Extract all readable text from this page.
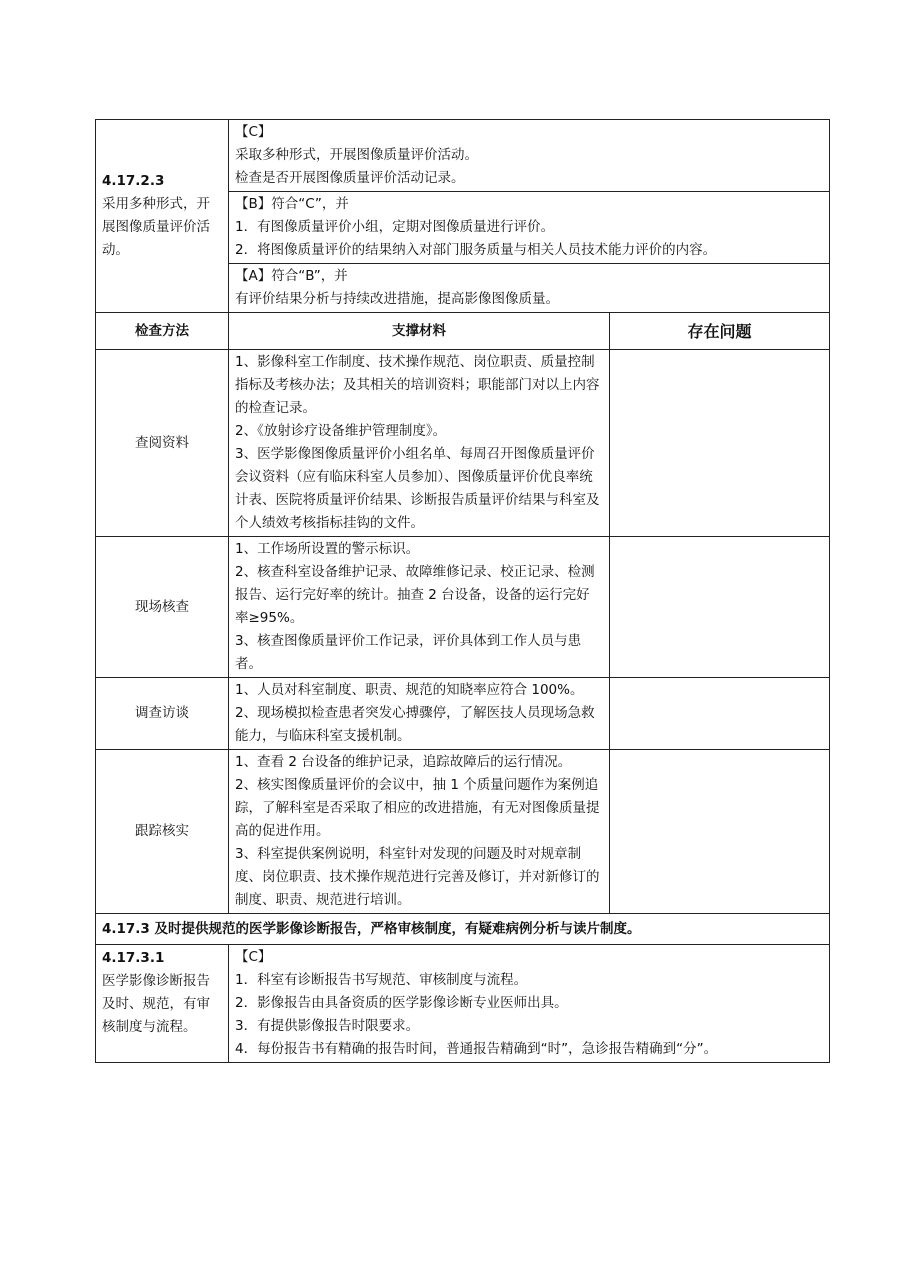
4.17.2.3
采用多种形式，开展图像质量评价活动。	【C】
采取多种形式，开展图像质量评价活动。
检查是否开展图像质量评价活动记录。	

	【B】符合“C”，并
1．有图像质量评价小组，定期对图像质量进行评价。
2．将图像质量评价的结果纳入对部门服务质量与相关人员技术能力评价的内容。	

	【A】符合“B”，并
有评价结果分析与持续改进措施，提高影像图像质量。	

检查方法	支撑材料	存在问题
查阅资料	1、影像科室工作制度、技术操作规范、岗位职责、质量控制指标及考核办法；及其相关的培训资料；职能部门对以上内容的检查记录。
2、《放射诊疗设备维护管理制度》。
3、医学影像图像质量评价小组名单、每周召开图像质量评价会议资料（应有临床科室人员参加）、图像质量评价优良率统计表、医院将质量评价结果、诊断报告质量评价结果与科室及个人绩效考核指标挂钩的文件。	

现场核查	1、工作场所设置的警示标识。
2、核查科室设备维护记录、故障维修记录、校正记录、检测报告、运行完好率的统计。抽查 2 台设备，设备的运行完好率≥95%。
3、核查图像质量评价工作记录，评价具体到工作人员与患者。	

调查访谈	1、人员对科室制度、职责、规范的知晓率应符合 100%。
2、现场模拟检查患者突发心搏骤停，了解医技人员现场急救能力，与临床科室支援机制。	

跟踪核实	1、查看 2 台设备的维护记录，追踪故障后的运行情况。
2、核实图像质量评价的会议中，抽 1 个质量问题作为案例追踪，了解科室是否采取了相应的改进措施，有无对图像质量提高的促进作用。
3、科室提供案例说明，科室针对发现的问题及时对规章制度、岗位职责、技术操作规范进行完善及修订，并对新修订的制度、职责、规范进行培训。	

4.17.3 及时提供规范的医学影像诊断报告，严格审核制度，有疑难病例分析与读片制度。		

4.17.3.1
医学影像诊断报告及时、规范，有审核制度与流程。	【C】
1．科室有诊断报告书写规范、审核制度与流程。
2．影像报告由具备资质的医学影像诊断专业医师出具。
3．有提供影像报告时限要求。
4．每份报告书有精确的报告时间，普通报告精确到“时”，急诊报告精确到“分”。	
